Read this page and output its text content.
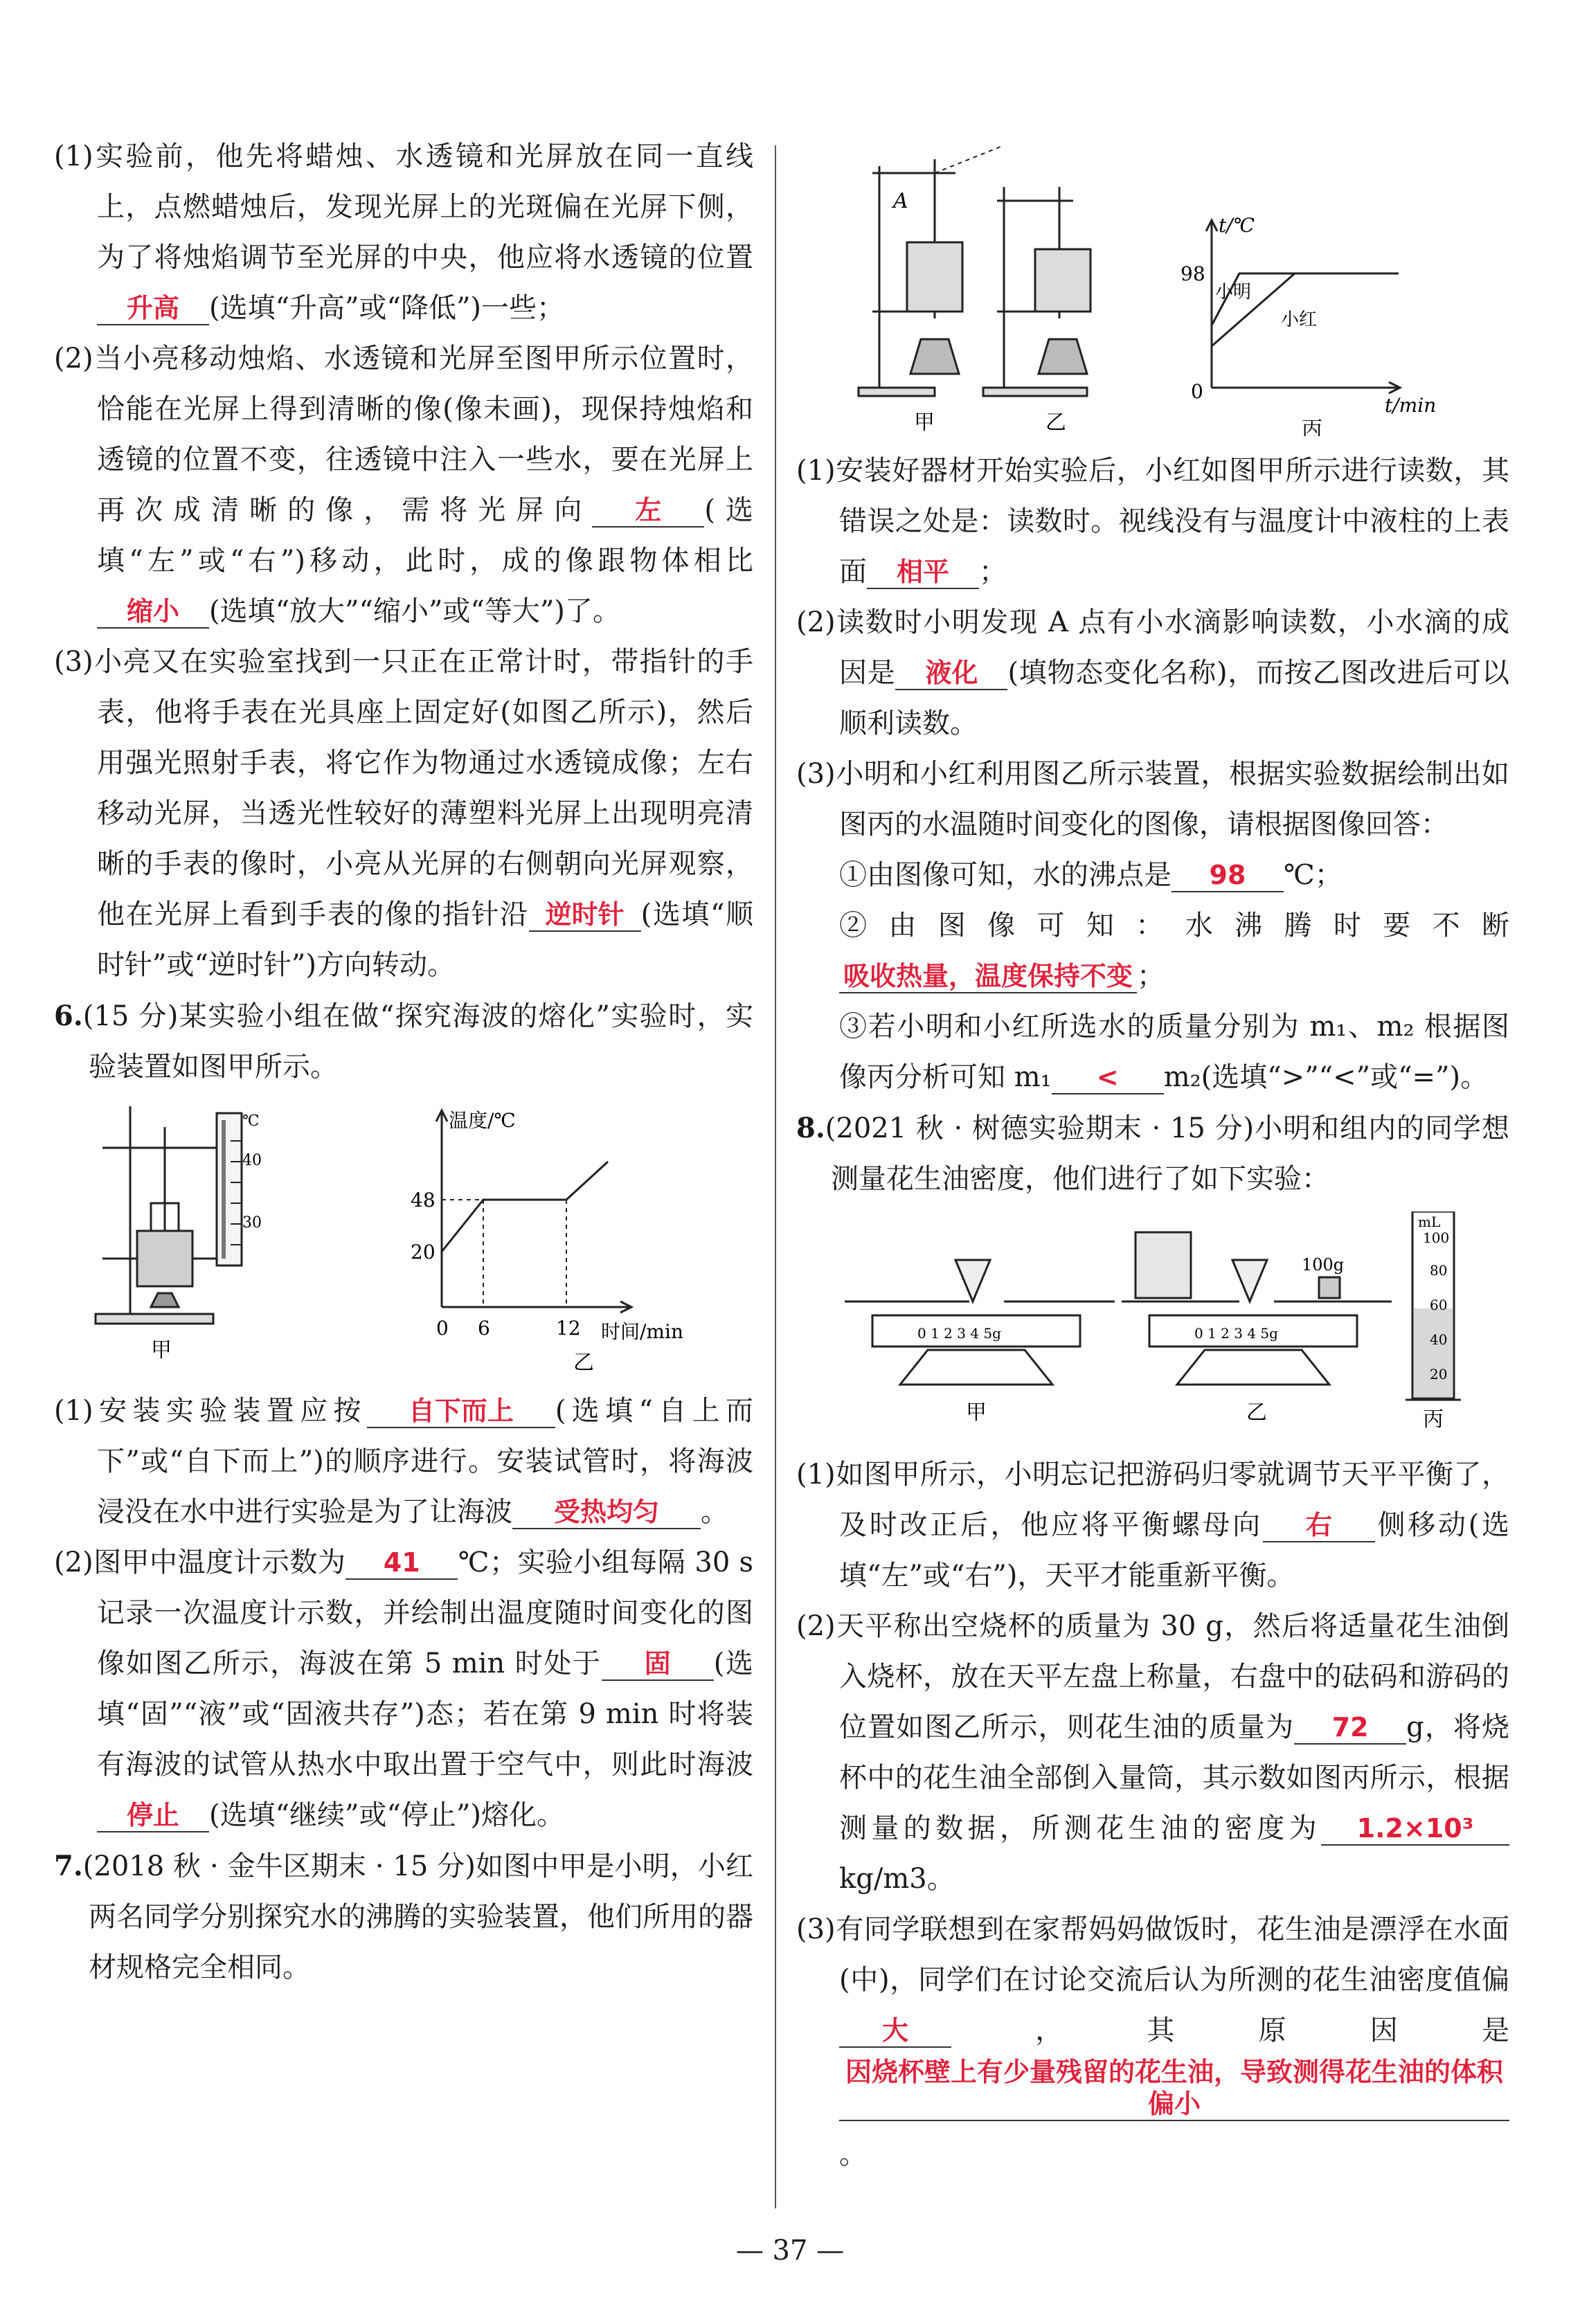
(1)实验前，他先将蜡烛、水透镜和光屏放在同一直线上，点燃蜡烛后，发现光屏上的光斑偏在光屏下侧，为了将烛焰调节至光屏的中央，他应将水透镜的位置升高 (选填“升高”或“降低”)一些；

(2)当小亮移动烛焰、水透镜和光屏至图甲所示位置时，恰能在光屏上得到清晰的像(像未画)，现保持烛焰和透镜的位置不变，往透镜中注入一些水，要在光屏上再次成清晰的像，需将光屏向 左 (选填“左”或“右”)移动，此时，成的像跟物体相比缩小 (选填“放大”“缩小”或“等大”)了。

(3)小亮又在实验室找到一只正在正常计时，带指针的手表，他将手表在光具座上固定好(如图乙所示)，然后用强光照射手表，将它作为物通过水透镜成像；左右移动光屏，当透光性较好的薄塑料光屏上出现明亮清晰的手表的像时，小亮从光屏的右侧朝向光屏观察，他在光屏上看到手表的像的指针沿 逆时针 (选填“顺时针”或“逆时针”)方向转动。

6.(15 分)某实验小组在做“探究海波的熔化”实验时，实验装置如图甲所示。

℃
40
30
甲
温度/℃
48
20
0 6	12 时间/min
乙

(1)安装实验装置应按 自下而上 (选填“自上而下”或“自下而上”)的顺序进行。安装试管时，将海波浸没在水中进行实验是为了让海波 受热均匀 。

(2)图甲中温度计示数为 41 ℃；实验小组每隔 30 s 记录一次温度计示数，并绘制出温度随时间变化的图像如图乙所示，海波在第 5 min 时处于 固 (选填“固”“液”或“固液共存”)态；若在第 9 min 时将装有海波的试管从热水中取出置于空气中，则此时海波停止 (选填“继续”或“停止”)熔化。

7.(2018 秋 · 金牛区期末 · 15 分)如图中甲是小明，小红两名同学分别探究水的沸腾的实验装置，他们所用的器材规格完全相同。

A
甲	乙
t/℃
98
0
t/min
小明
小红
丙

(1)安装好器材开始实验后，小红如图甲所示进行读数，其错误之处是：读数时。视线没有与温度计中液柱的上表面 相平 ；

(2)读数时小明发现 A 点有小水滴影响读数，小水滴的成因是 液化 (填物态变化名称)，而按乙图改进后可以顺利读数。

(3)小明和小红利用图乙所示装置，根据实验数据绘制出如图丙的水温随时间变化的图像，请根据图像回答：

①由图像可知，水的沸点是 98 ℃；

②由图像可知：水沸腾时要不断吸收热量，温度保持不变 ；

③若小明和小红所选水的质量分别为 m₁、m₂ 根据图像丙分析可知 m₁ < m₂(选填“>”“<”或“=”)。

8.(2021 秋 · 树德实验期末 · 15 分)小明和组内的同学想测量花生油密度，他们进行了如下实验：

0 1 2 3 4 5g
甲
100g
0 1 2 3 4 5g
乙
mL
100
80
60
40
20
丙

(1)如图甲所示，小明忘记把游码归零就调节天平平衡了，及时改正后，他应将平衡螺母向 右 侧移动(选填“左”或“右”)，天平才能重新平衡。

(2)天平称出空烧杯的质量为 30 g，然后将适量花生油倒入烧杯，放在天平左盘上称量，右盘中的砝码和游码的位置如图乙所示，则花生油的质量为 72 g，将烧杯中的花生油全部倒入量筒，其示数如图丙所示，根据测量的数据，所测花生油的密度为 1.2×10³kg/m3。

(3)有同学联想到在家帮妈妈做饭时，花生油是漂浮在水面(中)，同学们在讨论交流后认为所测的花生油密度值偏大 ，其原因是因烧杯壁上有少量残留的花生油，导致测得花生油的体积偏小。

— 37 —
